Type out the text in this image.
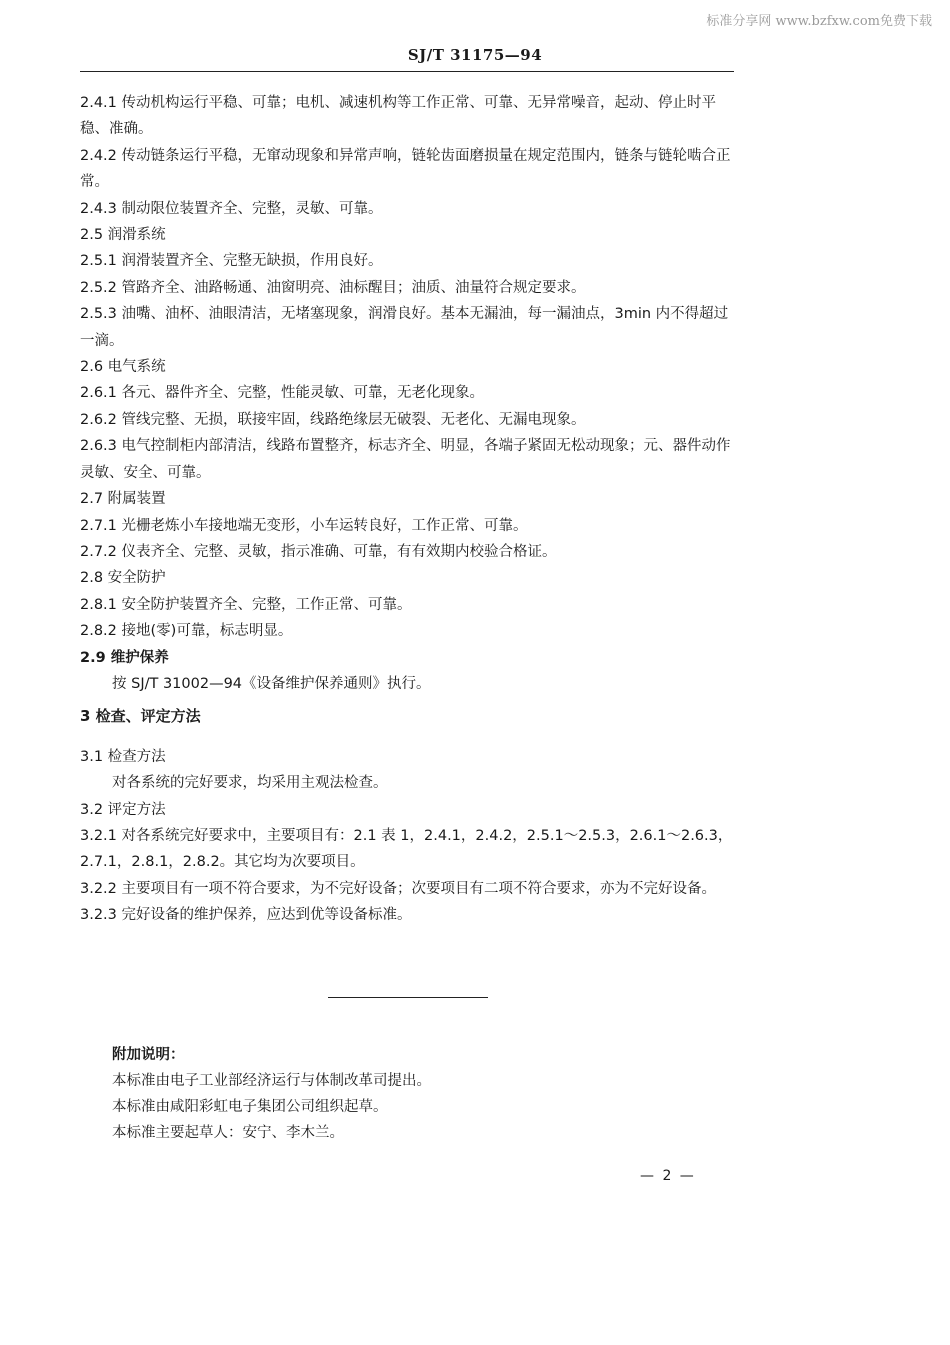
标准分享网 www.bzfxw.com免费下载
SJ/T 31175—94

2.4.1 传动机构运行平稳、可靠；电机、减速机构等工作正常、可靠、无异常噪音，起动、停止时平稳、准确。

2.4.2 传动链条运行平稳，无窜动现象和异常声响，链轮齿面磨损量在规定范围内，链条与链轮啮合正常。

2.4.3 制动限位装置齐全、完整，灵敏、可靠。

2.5 润滑系统

2.5.1 润滑装置齐全、完整无缺损，作用良好。

2.5.2 管路齐全、油路畅通、油窗明亮、油标醒目；油质、油量符合规定要求。

2.5.3 油嘴、油杯、油眼清洁，无堵塞现象，润滑良好。基本无漏油，每一漏油点，3min 内不得超过一滴。

2.6 电气系统

2.6.1 各元、器件齐全、完整，性能灵敏、可靠，无老化现象。

2.6.2 管线完整、无损，联接牢固，线路绝缘层无破裂、无老化、无漏电现象。

2.6.3 电气控制柜内部清洁，线路布置整齐，标志齐全、明显，各端子紧固无松动现象；元、器件动作灵敏、安全、可靠。

2.7 附属装置

2.7.1 光栅老炼小车接地端无变形，小车运转良好，工作正常、可靠。

2.7.2 仪表齐全、完整、灵敏，指示准确、可靠，有有效期内校验合格证。

2.8 安全防护

2.8.1 安全防护装置齐全、完整，工作正常、可靠。

2.8.2 接地(零)可靠，标志明显。

2.9 维护保养

按 SJ/T 31002—94《设备维护保养通则》执行。

3 检查、评定方法

3.1 检查方法

对各系统的完好要求，均采用主观法检查。

3.2 评定方法

3.2.1 对各系统完好要求中，主要项目有：2.1 表 1，2.4.1，2.4.2，2.5.1～2.5.3，2.6.1～2.6.3，2.7.1，2.8.1，2.8.2。其它均为次要项目。

3.2.2 主要项目有一项不符合要求，为不完好设备；次要项目有二项不符合要求，亦为不完好设备。

3.2.3 完好设备的维护保养，应达到优等设备标准。

附加说明：

本标准由电子工业部经济运行与体制改革司提出。

本标准由咸阳彩虹电子集团公司组织起草。

本标准主要起草人：安宁、李木兰。

— 2 —
